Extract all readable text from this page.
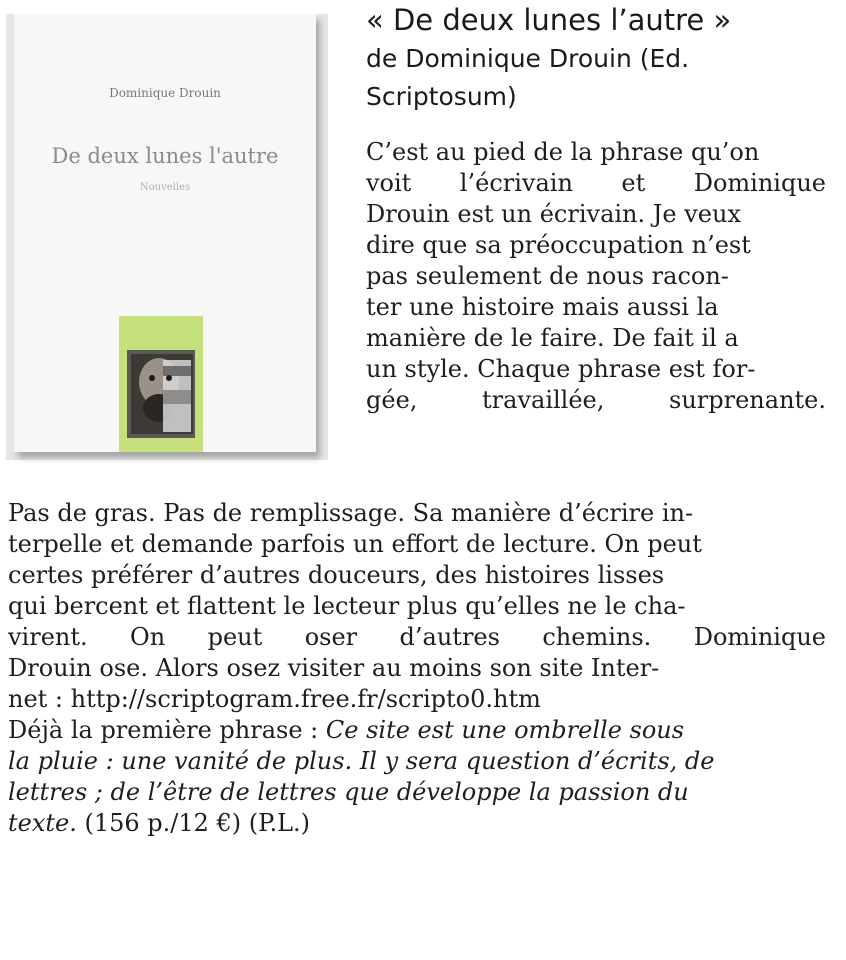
Dominique Drouin
De deux lunes l'autre
Nouvelles
« De deux lunes l’autre »
de Dominique Drouin (Ed.
Scriptosum)
C’est au pied de la phrase qu’on
voit l’écrivain et Dominique
Drouin est un écrivain. Je veux
dire que sa préoccupation n’est
pas seulement de nous racon-
ter une histoire mais aussi la
manière de le faire. De fait il a
un style. Chaque phrase est for-
gée, travaillée, surprenante.
Pas de gras. Pas de remplissage. Sa manière d’écrire in-
terpelle et demande parfois un effort de lecture. On peut
certes préférer d’autres douceurs, des histoires lisses
qui bercent et flattent le lecteur plus qu’elles ne le cha-
virent. On peut oser d’autres chemins. Dominique
Drouin ose. Alors osez visiter au moins son site Inter-
net : http://scriptogram.free.fr/scripto0.htm
Déjà la première phrase : Ce site est une ombrelle sous
la pluie : une vanité de plus. Il y sera question d’écrits, de
lettres ; de l’être de lettres que développe la passion du
texte. (156 p./12 €) (P.L.)
